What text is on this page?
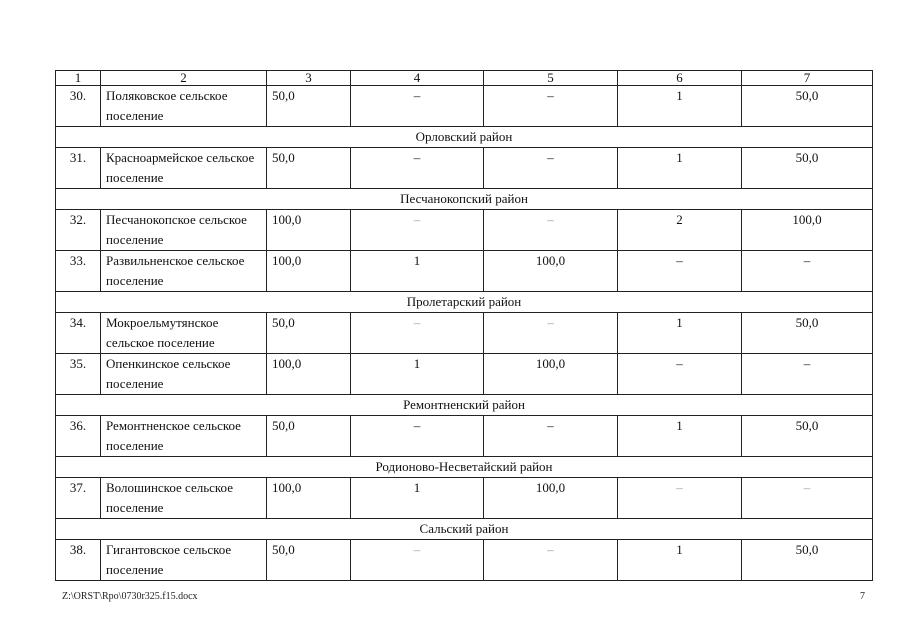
1	2	3	4	5	6	7
30.	Поляковское сельское поселение	50,0	–	–	1	50,0
Орловский район						
31.	Красноармейское сельское поселение	50,0	–	–	1	50,0
Песчанокопский район						
32.	Песчанокопское сельское поселение	100,0	–	–	2	100,0
33.	Развильненское сельское поселение	100,0	1	100,0	–	–
Пролетарский район						
34.	Мокроельмутянское сельское поселение	50,0	–	–	1	50,0
35.	Опенкинское сельское поселение	100,0	1	100,0	–	–
Ремонтненский район						
36.	Ремонтненское сельское поселение	50,0	–	–	1	50,0
Родионово-Несветайский район						
37.	Волошинское сельское поселение	100,0	1	100,0	–	–
Сальский район						
38.	Гигантовское сельское поселение	50,0	–	–	1	50,0
Z:\ORST\Rpo\0730r325.f15.docx	7
